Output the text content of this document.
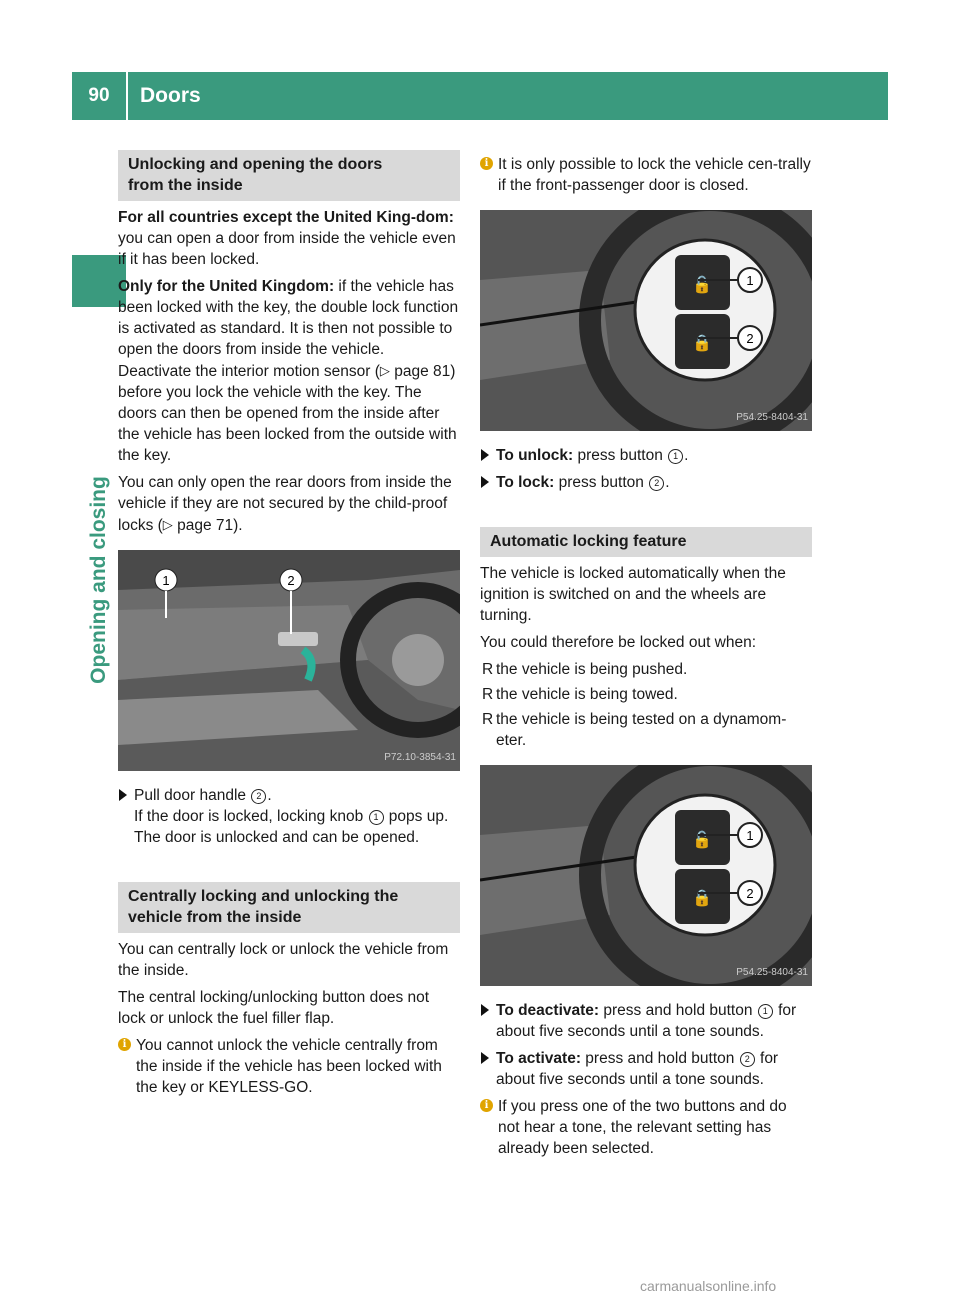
90	Doors
Opening and closing
Unlocking and opening the doors
from the inside

For all countries except the United King-dom: you can open a door from inside the vehicle even if it has been locked.

Only for the United Kingdom: if the vehicle has been locked with the key, the double lock function is activated as standard. It is then not possible to open the doors from inside the vehicle. Deactivate the interior motion sensor (▷ page 81) before you lock the vehicle with the key. The doors can then be opened from the inside after the vehicle has been locked from the outside with the key.

You can only open the rear doors from inside the vehicle if they are not secured by the child-proof locks (▷ page 71).

1	2
P72.10-3854-31
Pull door handle 2 .
If the door is locked, locking knob 1 pops up. The door is unlocked and can be opened.
Centrally locking and unlocking the
vehicle from the inside

You can centrally lock or unlock the vehicle from the inside.

The central locking/unlocking button does not lock or unlock the fuel filler flap.

i You cannot unlock the vehicle centrally from the inside if the vehicle has been locked with the key or KEYLESS-GO.
i It is only possible to lock the vehicle cen-trally if the front-passenger door is closed.
🔓
🔒
1
2
P54.25-8404-31
To unlock: press button 1 .
To lock: press button 2 .
Automatic locking feature

The vehicle is locked automatically when the ignition is switched on and the wheels are turning.

You could therefore be locked out when:

R the vehicle is being pushed.
R the vehicle is being towed.
R the vehicle is being tested on a dynamom-eter.
🔓
🔒
1
2
P54.25-8404-31
To deactivate: press and hold button 1 for about five seconds until a tone sounds.
To activate: press and hold button 2 for about five seconds until a tone sounds.
i If you press one of the two buttons and do not hear a tone, the relevant setting has already been selected.
carmanualsonline.info
